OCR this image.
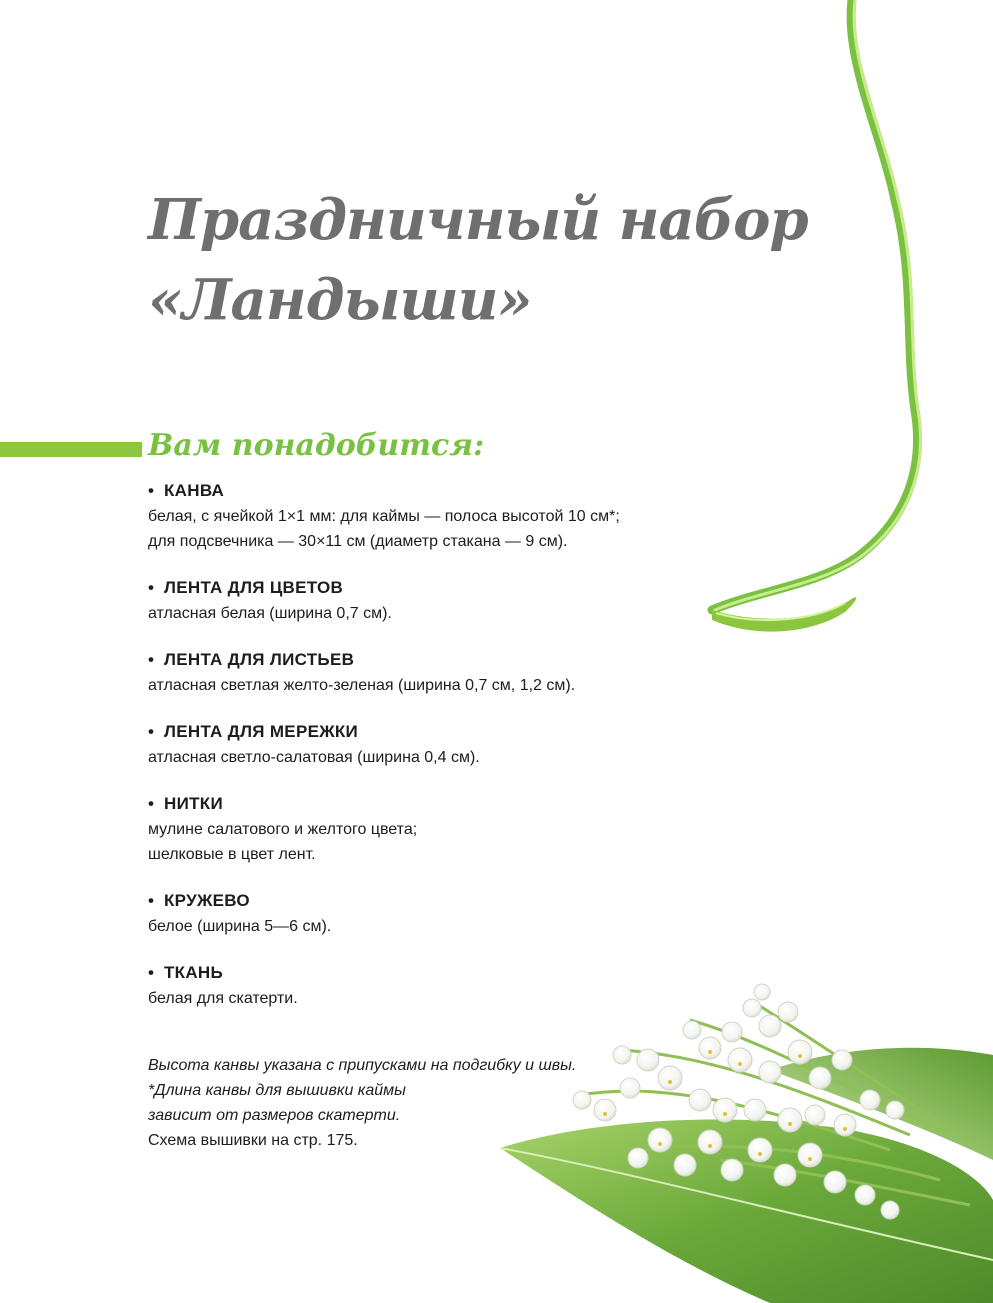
Праздничный набор
«Ландыши»
Вам понадобится:
• КАНВА
белая, с ячейкой 1×1 мм: для каймы — полоса высотой 10 см*;
для подсвечника — 30×11 см (диаметр стакана — 9 см).
• ЛЕНТА ДЛЯ ЦВЕТОВ
атласная белая (ширина 0,7 см).
• ЛЕНТА ДЛЯ ЛИСТЬЕВ
атласная светлая желто-зеленая (ширина 0,7 см, 1,2 см).
• ЛЕНТА ДЛЯ МЕРЕЖКИ
атласная светло-салатовая (ширина 0,4 см).
• НИТКИ
мулине салатового и желтого цвета;
шелковые в цвет лент.
• КРУЖЕВО
белое (ширина 5—6 см).
• ТКАНЬ
белая для скатерти.
Высота канвы указана с припусками на подгибку и швы.
*Длина канвы для вышивки каймы
зависит от размеров скатерти.
Схема вышивки на стр. 175.
